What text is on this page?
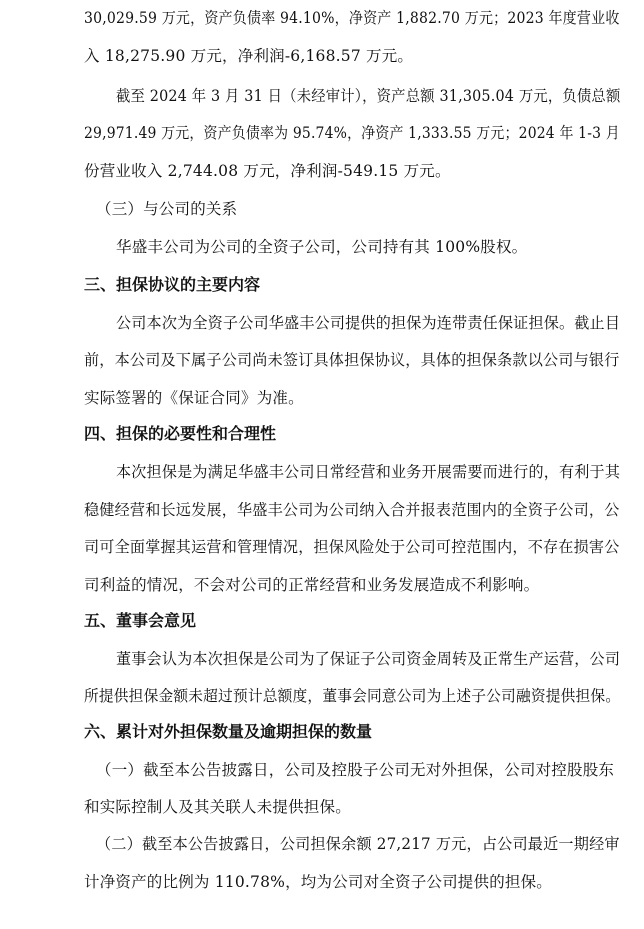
30,029.59 万元，资产负债率 94.10%，净资产 1,882.70 万元；2023 年度营业收
入 18,275.90 万元，净利润-6,168.57 万元。
截至 2024 年 3 月 31 日（未经审计），资产总额 31,305.04 万元，负债总额
29,971.49 万元，资产负债率为 95.74%，净资产 1,333.55 万元；2024 年 1-3 月
份营业收入 2,744.08 万元，净利润-549.15 万元。
（三）与公司的关系
华盛丰公司为公司的全资子公司，公司持有其 100%股权。
三、担保协议的主要内容
公司本次为全资子公司华盛丰公司提供的担保为连带责任保证担保。截止目
前，本公司及下属子公司尚未签订具体担保协议，具体的担保条款以公司与银行
实际签署的《保证合同》为准。
四、担保的必要性和合理性
本次担保是为满足华盛丰公司日常经营和业务开展需要而进行的，有利于其
稳健经营和长远发展，华盛丰公司为公司纳入合并报表范围内的全资子公司，公
司可全面掌握其运营和管理情况，担保风险处于公司可控范围内，不存在损害公
司利益的情况，不会对公司的正常经营和业务发展造成不利影响。
五、董事会意见
董事会认为本次担保是公司为了保证子公司资金周转及正常生产运营，公司
所提供担保金额未超过预计总额度，董事会同意公司为上述子公司融资提供担保。
六、累计对外担保数量及逾期担保的数量
（一）截至本公告披露日，公司及控股子公司无对外担保，公司对控股股东
和实际控制人及其关联人未提供担保。
（二）截至本公告披露日，公司担保余额 27,217 万元，占公司最近一期经审
计净资产的比例为 110.78%，均为公司对全资子公司提供的担保。
